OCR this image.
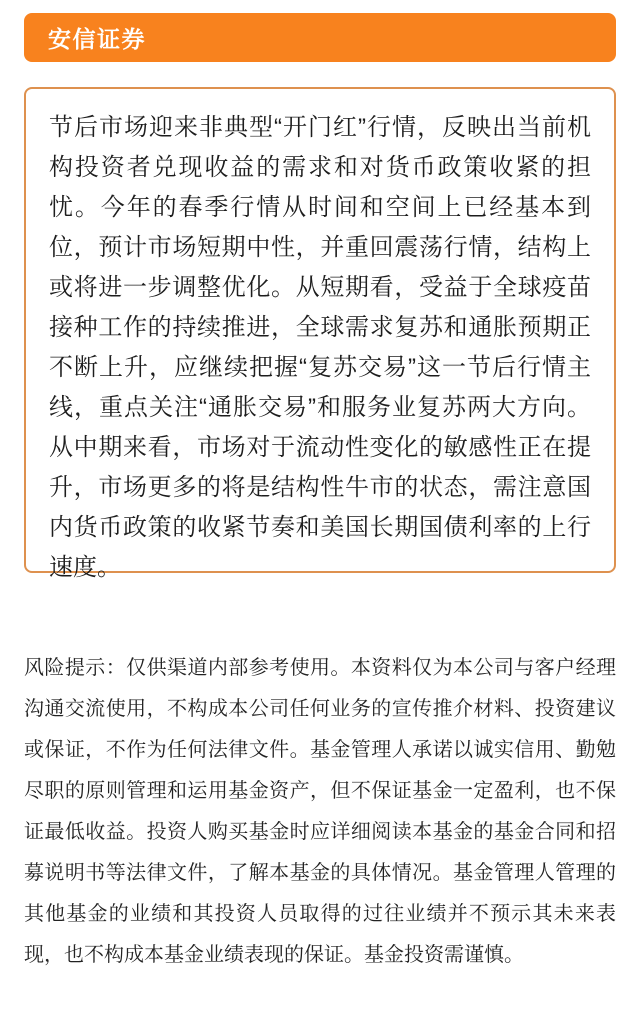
安信证券

节后市场迎来非典型“开门红”行情，反映出当前机构投资者兑现收益的需求和对货币政策收紧的担忧。今年的春季行情从时间和空间上已经基本到位，预计市场短期中性，并重回震荡行情，结构上或将进一步调整优化。从短期看，受益于全球疫苗接种工作的持续推进，全球需求复苏和通胀预期正不断上升，应继续把握“复苏交易”这一节后行情主线，重点关注“通胀交易”和服务业复苏两大方向。从中期来看，市场对于流动性变化的敏感性正在提升，市场更多的将是结构性牛市的状态，需注意国内货币政策的收紧节奏和美国长期国债利率的上行速度。

风险提示：仅供渠道内部参考使用。本资料仅为本公司与客户经理沟通交流使用，不构成本公司任何业务的宣传推介材料、投资建议或保证，不作为任何法律文件。基金管理人承诺以诚实信用、勤勉尽职的原则管理和运用基金资产，但不保证基金一定盈利，也不保证最低收益。投资人购买基金时应详细阅读本基金的基金合同和招募说明书等法律文件，了解本基金的具体情况。基金管理人管理的其他基金的业绩和其投资人员取得的过往业绩并不预示其未来表现，也不构成本基金业绩表现的保证。基金投资需谨慎。
